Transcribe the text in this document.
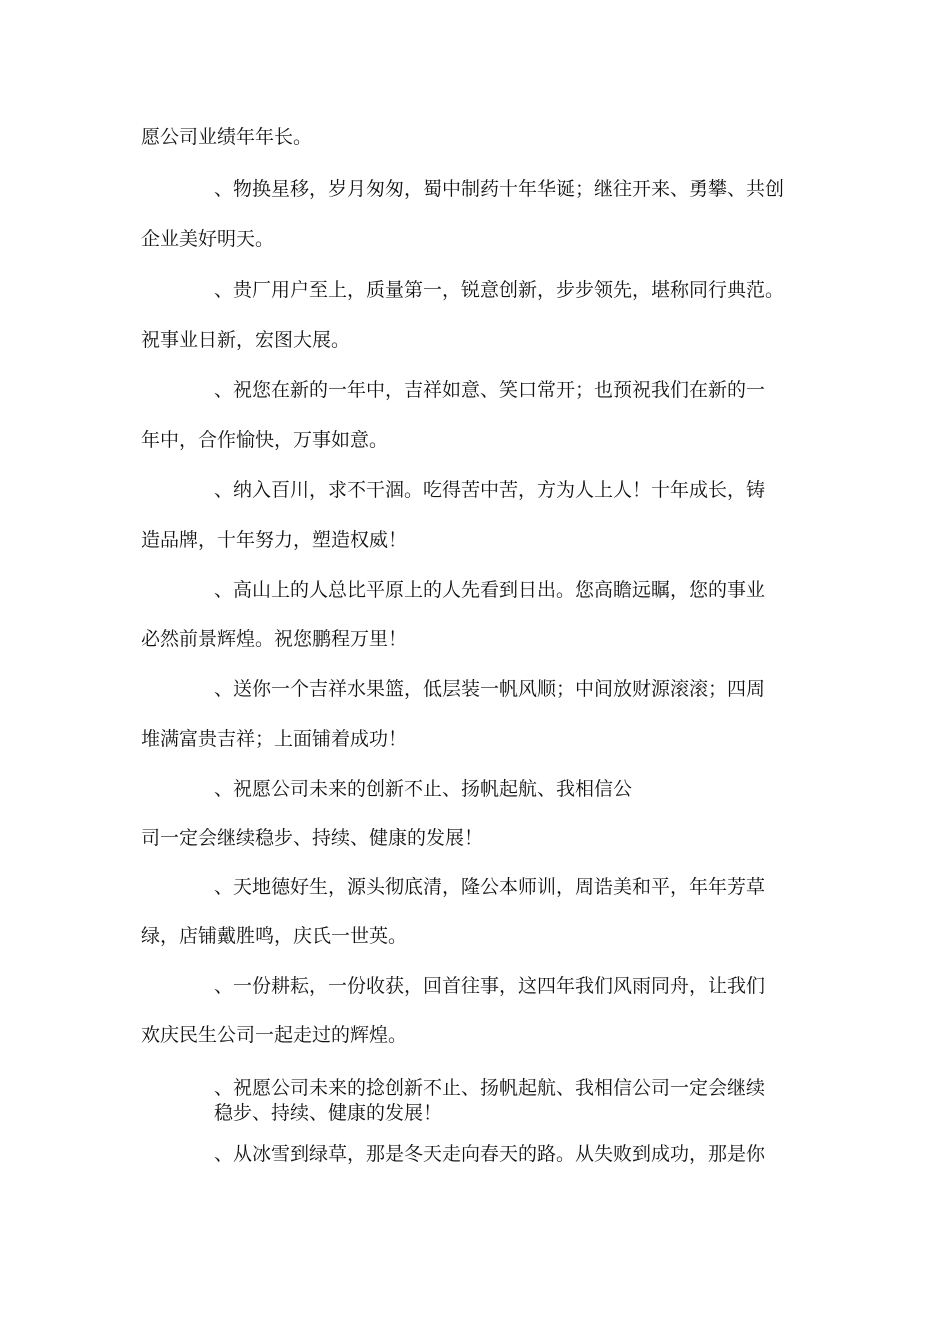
愿公司业绩年年长。
、物换星移，岁月匆匆，蜀中制药十年华诞；继往开来、勇攀、共创
企业美好明天。
、贵厂用户至上，质量第一，锐意创新，步步领先，堪称同行典范。
祝事业日新，宏图大展。
、祝您在新的一年中，吉祥如意、笑口常开；也预祝我们在新的一
年中，合作愉快，万事如意。
、纳入百川，求不干涸。吃得苦中苦，方为人上人！十年成长，铸
造品牌，十年努力，塑造权威！
、高山上的人总比平原上的人先看到日出。您高瞻远瞩，您的事业
必然前景辉煌。祝您鹏程万里！
、送你一个吉祥水果篮，低层装一帆风顺；中间放财源滚滚；四周
堆满富贵吉祥；上面铺着成功！
、祝愿公司未来的创新不止、扬帆起航、我相信公
司一定会继续稳步、持续、健康的发展！
、天地德好生，源头彻底清，隆公本师训，周诰美和平，年年芳草
绿，店铺戴胜鸣，庆氏一世英。
、一份耕耘，一份收获，回首往事，这四年我们风雨同舟，让我们
欢庆民生公司一起走过的辉煌。
、祝愿公司未来的捻创新不止、扬帆起航、我相信公司一定会继续
稳步、持续、健康的发展！
、从冰雪到绿草，那是冬天走向春天的路。从失败到成功，那是你
